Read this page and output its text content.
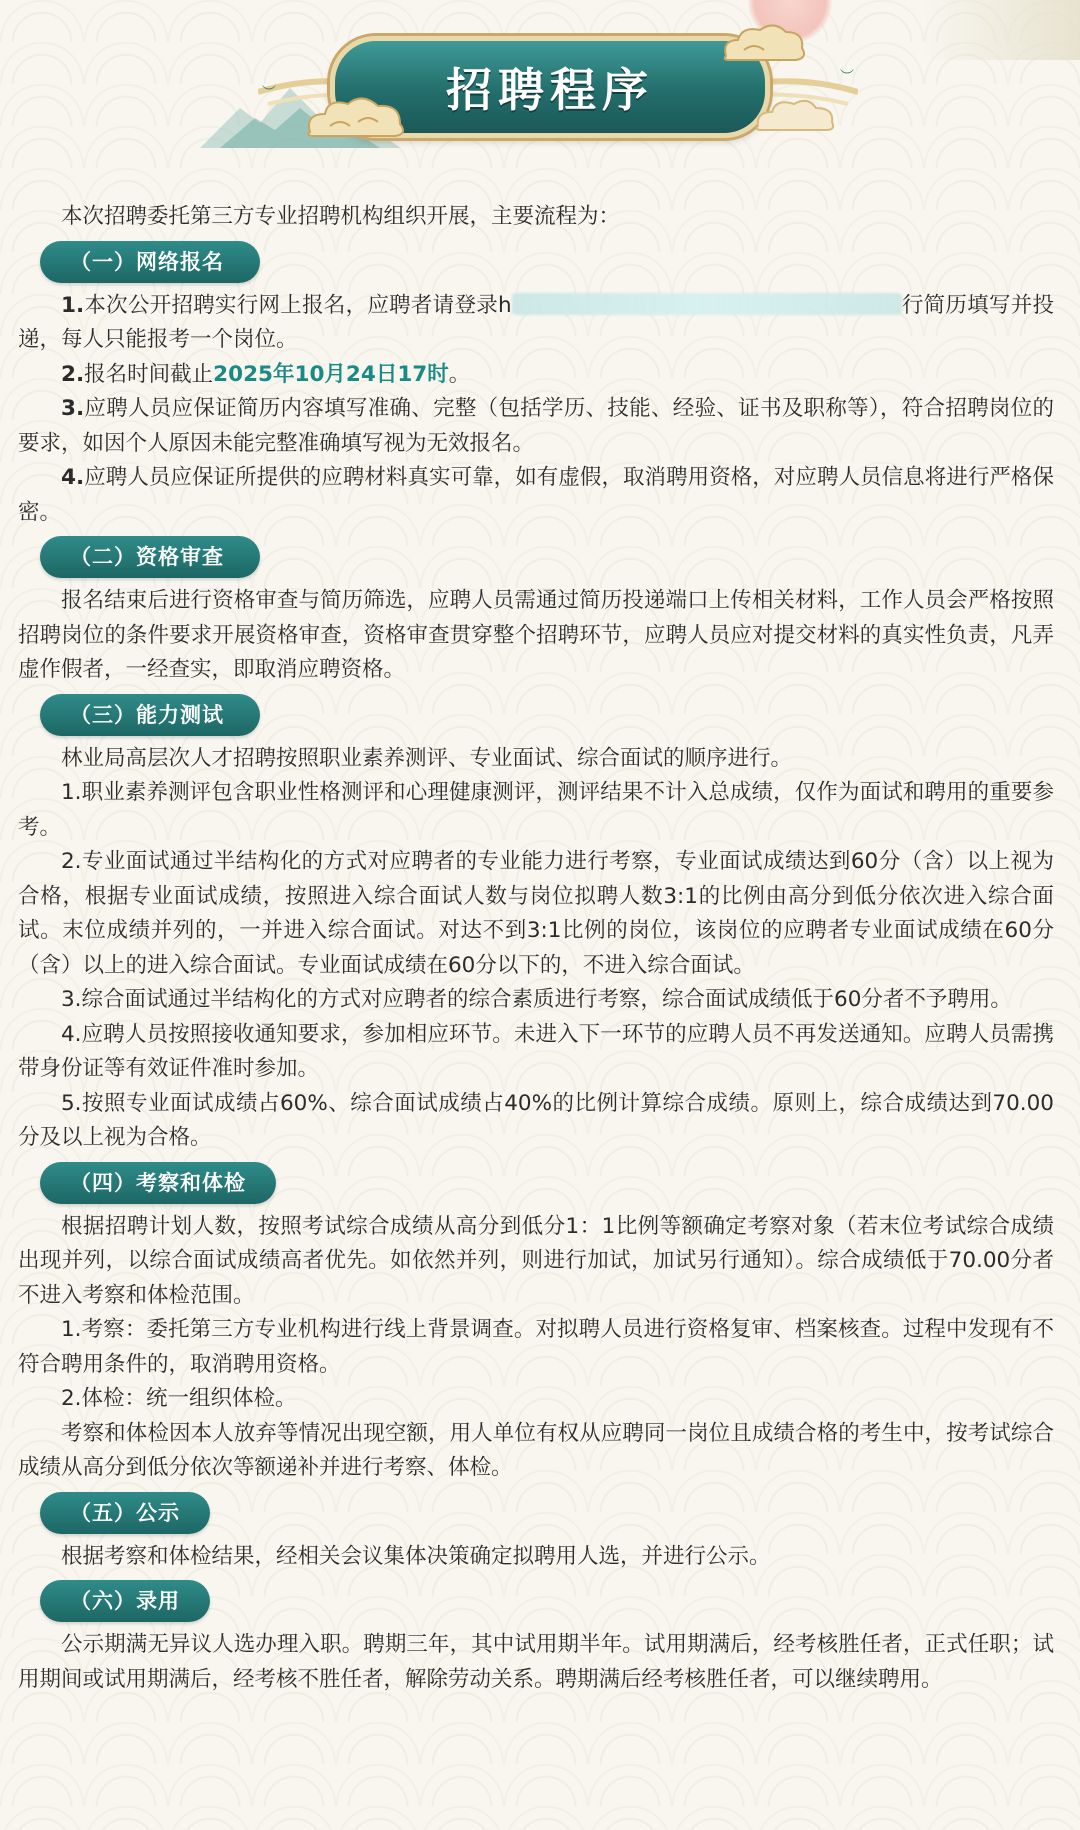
招聘程序
︶
︶

本次招聘委托第三方专业招聘机构组织开展，主要流程为：

（一）网络报名

1.本次公开招聘实行网上报名，应聘者请登录h	行简历填写并投递，每人只能报考一个岗位。

2.报名时间截止2025年10月24日17时。

3.应聘人员应保证简历内容填写准确、完整（包括学历、技能、经验、证书及职称等），符合招聘岗位的要求，如因个人原因未能完整准确填写视为无效报名。

4.应聘人员应保证所提供的应聘材料真实可靠，如有虚假，取消聘用资格，对应聘人员信息将进行严格保密。

（二）资格审查

报名结束后进行资格审查与简历筛选，应聘人员需通过简历投递端口上传相关材料，工作人员会严格按照招聘岗位的条件要求开展资格审查，资格审查贯穿整个招聘环节，应聘人员应对提交材料的真实性负责，凡弄虚作假者，一经查实，即取消应聘资格。

（三）能力测试

林业局高层次人才招聘按照职业素养测评、专业面试、综合面试的顺序进行。

1.职业素养测评包含职业性格测评和心理健康测评，测评结果不计入总成绩，仅作为面试和聘用的重要参考。

2.专业面试通过半结构化的方式对应聘者的专业能力进行考察，专业面试成绩达到60分（含）以上视为合格，根据专业面试成绩，按照进入综合面试人数与岗位拟聘人数3:1的比例由高分到低分依次进入综合面试。末位成绩并列的，一并进入综合面试。对达不到3:1比例的岗位，该岗位的应聘者专业面试成绩在60分（含）以上的进入综合面试。专业面试成绩在60分以下的，不进入综合面试。

3.综合面试通过半结构化的方式对应聘者的综合素质进行考察，综合面试成绩低于60分者不予聘用。

4.应聘人员按照接收通知要求，参加相应环节。未进入下一环节的应聘人员不再发送通知。应聘人员需携带身份证等有效证件准时参加。

5.按照专业面试成绩占60%、综合面试成绩占40%的比例计算综合成绩。原则上，综合成绩达到70.00分及以上视为合格。

（四）考察和体检

根据招聘计划人数，按照考试综合成绩从高分到低分1：1比例等额确定考察对象（若末位考试综合成绩出现并列，以综合面试成绩高者优先。如依然并列，则进行加试，加试另行通知）。综合成绩低于70.00分者不进入考察和体检范围。

1.考察：委托第三方专业机构进行线上背景调查。对拟聘人员进行资格复审、档案核查。过程中发现有不符合聘用条件的，取消聘用资格。

2.体检：统一组织体检。

考察和体检因本人放弃等情况出现空额，用人单位有权从应聘同一岗位且成绩合格的考生中，按考试综合成绩从高分到低分依次等额递补并进行考察、体检。

（五）公示

根据考察和体检结果，经相关会议集体决策确定拟聘用人选，并进行公示。

（六）录用

公示期满无异议人选办理入职。聘期三年，其中试用期半年。试用期满后，经考核胜任者，正式任职；试用期间或试用期满后，经考核不胜任者，解除劳动关系。聘期满后经考核胜任者，可以继续聘用。
